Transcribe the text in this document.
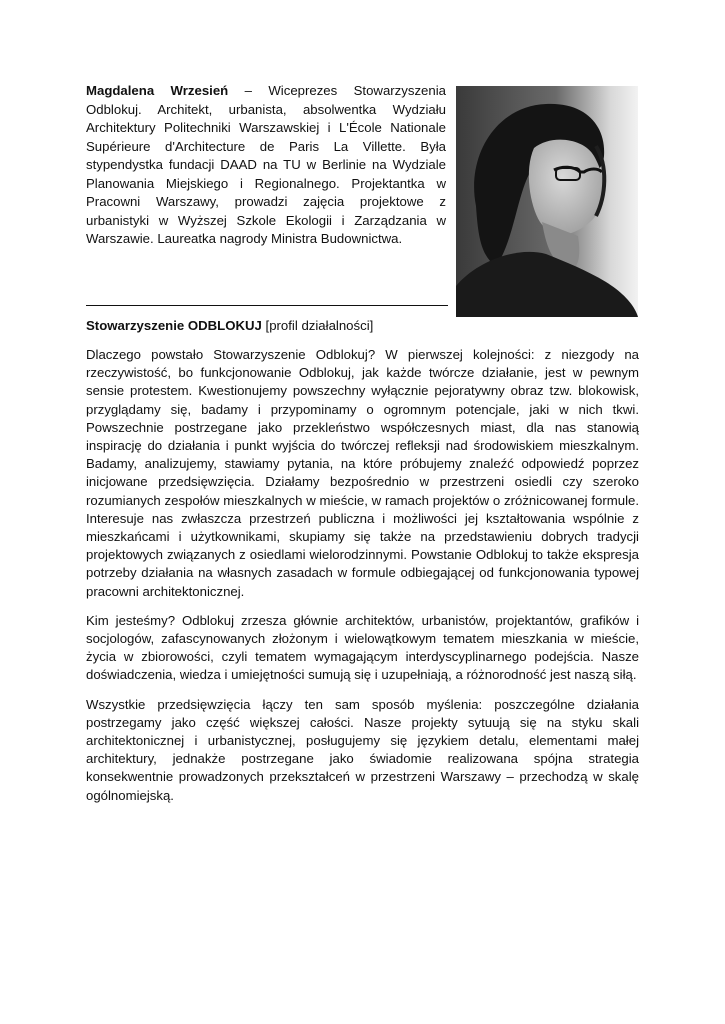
Magdalena Wrzesień – Wiceprezes Stowarzyszenia Odblokuj. Architekt, urbanista, absolwentka Wydziału Architektury Politechniki Warszawskiej i L'École Nationale Supérieure d'Architecture de Paris La Villette. Była stypendystka fundacji DAAD na TU w Berlinie na Wydziale Planowania Miejskiego i Regionalnego. Projektantka w Pracowni Warszawy, prowadzi zajęcia projektowe z urbanistyki w Wyższej Szkole Ekologii i Zarządzania w Warszawie. Laureatka nagrody Ministra Budownictwa.

Stowarzyszenie ODBLOKUJ [profil działalności]

Dlaczego powstało Stowarzyszenie Odblokuj? W pierwszej kolejności: z niezgody na rzeczywistość, bo funkcjonowanie Odblokuj, jak każde twórcze działanie, jest w pewnym sensie protestem. Kwestionujemy powszechny wyłącznie pejoratywny obraz tzw. blokowisk, przyglądamy się, badamy i przypominamy o ogromnym potencjale, jaki w nich tkwi. Powszechnie postrzegane jako przekleństwo współczesnych miast, dla nas stanowią inspirację do działania i punkt wyjścia do twórczej refleksji nad środowiskiem mieszkalnym. Badamy, analizujemy, stawiamy pytania, na które próbujemy znaleźć odpowiedź poprzez inicjowane przedsięwzięcia. Działamy bezpośrednio w przestrzeni osiedli czy szeroko rozumianych zespołów mieszkalnych w mieście, w ramach projektów o zróżnicowanej formule. Interesuje nas zwłaszcza przestrzeń publiczna i możliwości jej kształtowania wspólnie z mieszkańcami i użytkownikami, skupiamy się także na przedstawieniu dobrych tradycji projektowych związanych z osiedlami wielorodzinnymi. Powstanie Odblokuj to także ekspresja potrzeby działania na własnych zasadach w formule odbiegającej od funkcjonowania typowej pracowni architektonicznej.

Kim jesteśmy? Odblokuj zrzesza głównie architektów, urbanistów, projektantów, grafików i socjologów, zafascynowanych złożonym i wielowątkowym tematem mieszkania w mieście, życia w zbiorowości, czyli tematem wymagającym interdyscyplinarnego podejścia. Nasze doświadczenia, wiedza i umiejętności sumują się i uzupełniają, a różnorodność jest naszą siłą.

Wszystkie przedsięwzięcia łączy ten sam sposób myślenia: poszczególne działania postrzegamy jako część większej całości. Nasze projekty sytuują się na styku skali architektonicznej i urbanistycznej, posługujemy się językiem detalu, elementami małej architektury, jednakże postrzegane jako świadomie realizowana spójna strategia konsekwentnie prowadzonych przekształceń w przestrzeni Warszawy – przechodzą w skalę ogólnomiejską.
